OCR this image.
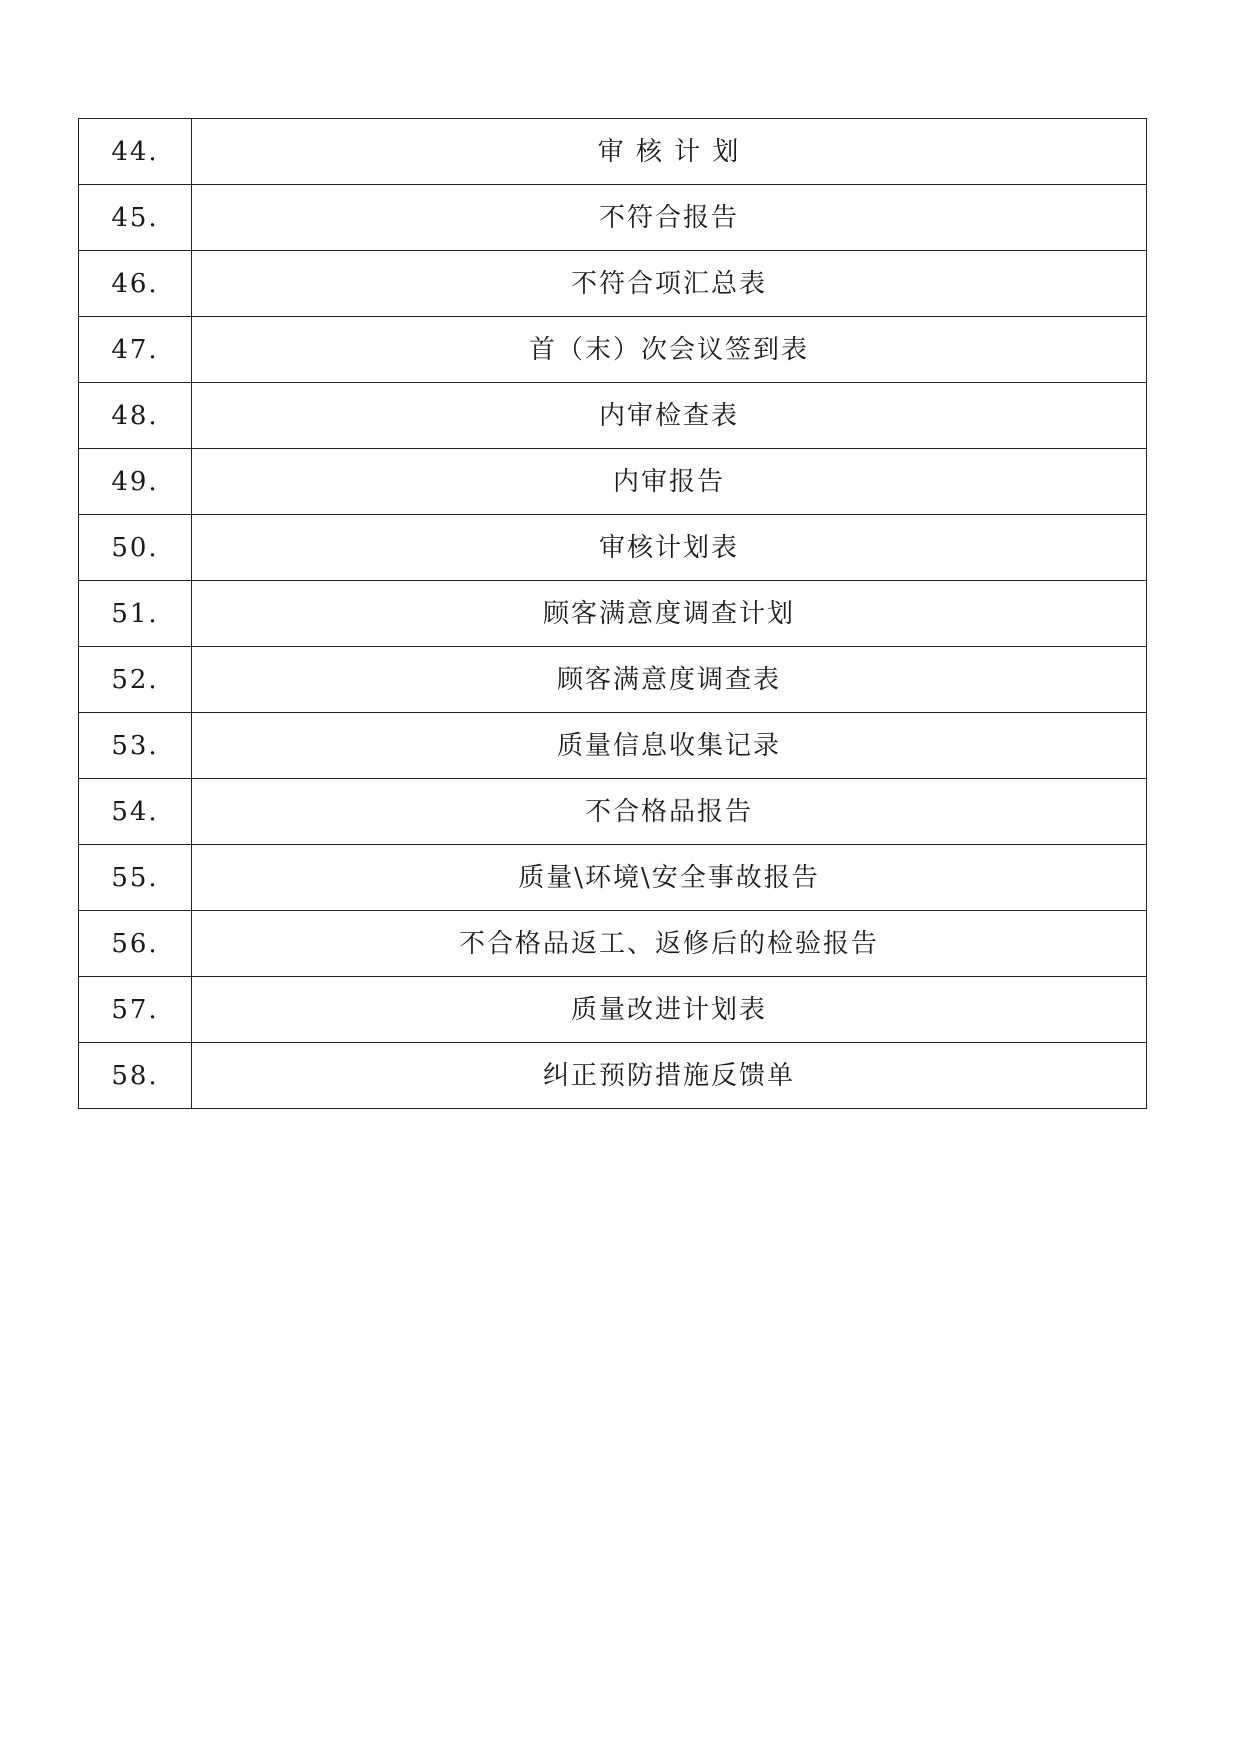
44.	审 核 计 划
45.	不符合报告
46.	不符合项汇总表
47.	首（末）次会议签到表
48.	内审检查表
49.	内审报告
50.	审核计划表
51.	顾客满意度调查计划
52.	顾客满意度调查表
53.	质量信息收集记录
54.	不合格品报告
55.	质量\环境\安全事故报告
56.	不合格品返工、返修后的检验报告
57.	质量改进计划表
58.	纠正预防措施反馈单
